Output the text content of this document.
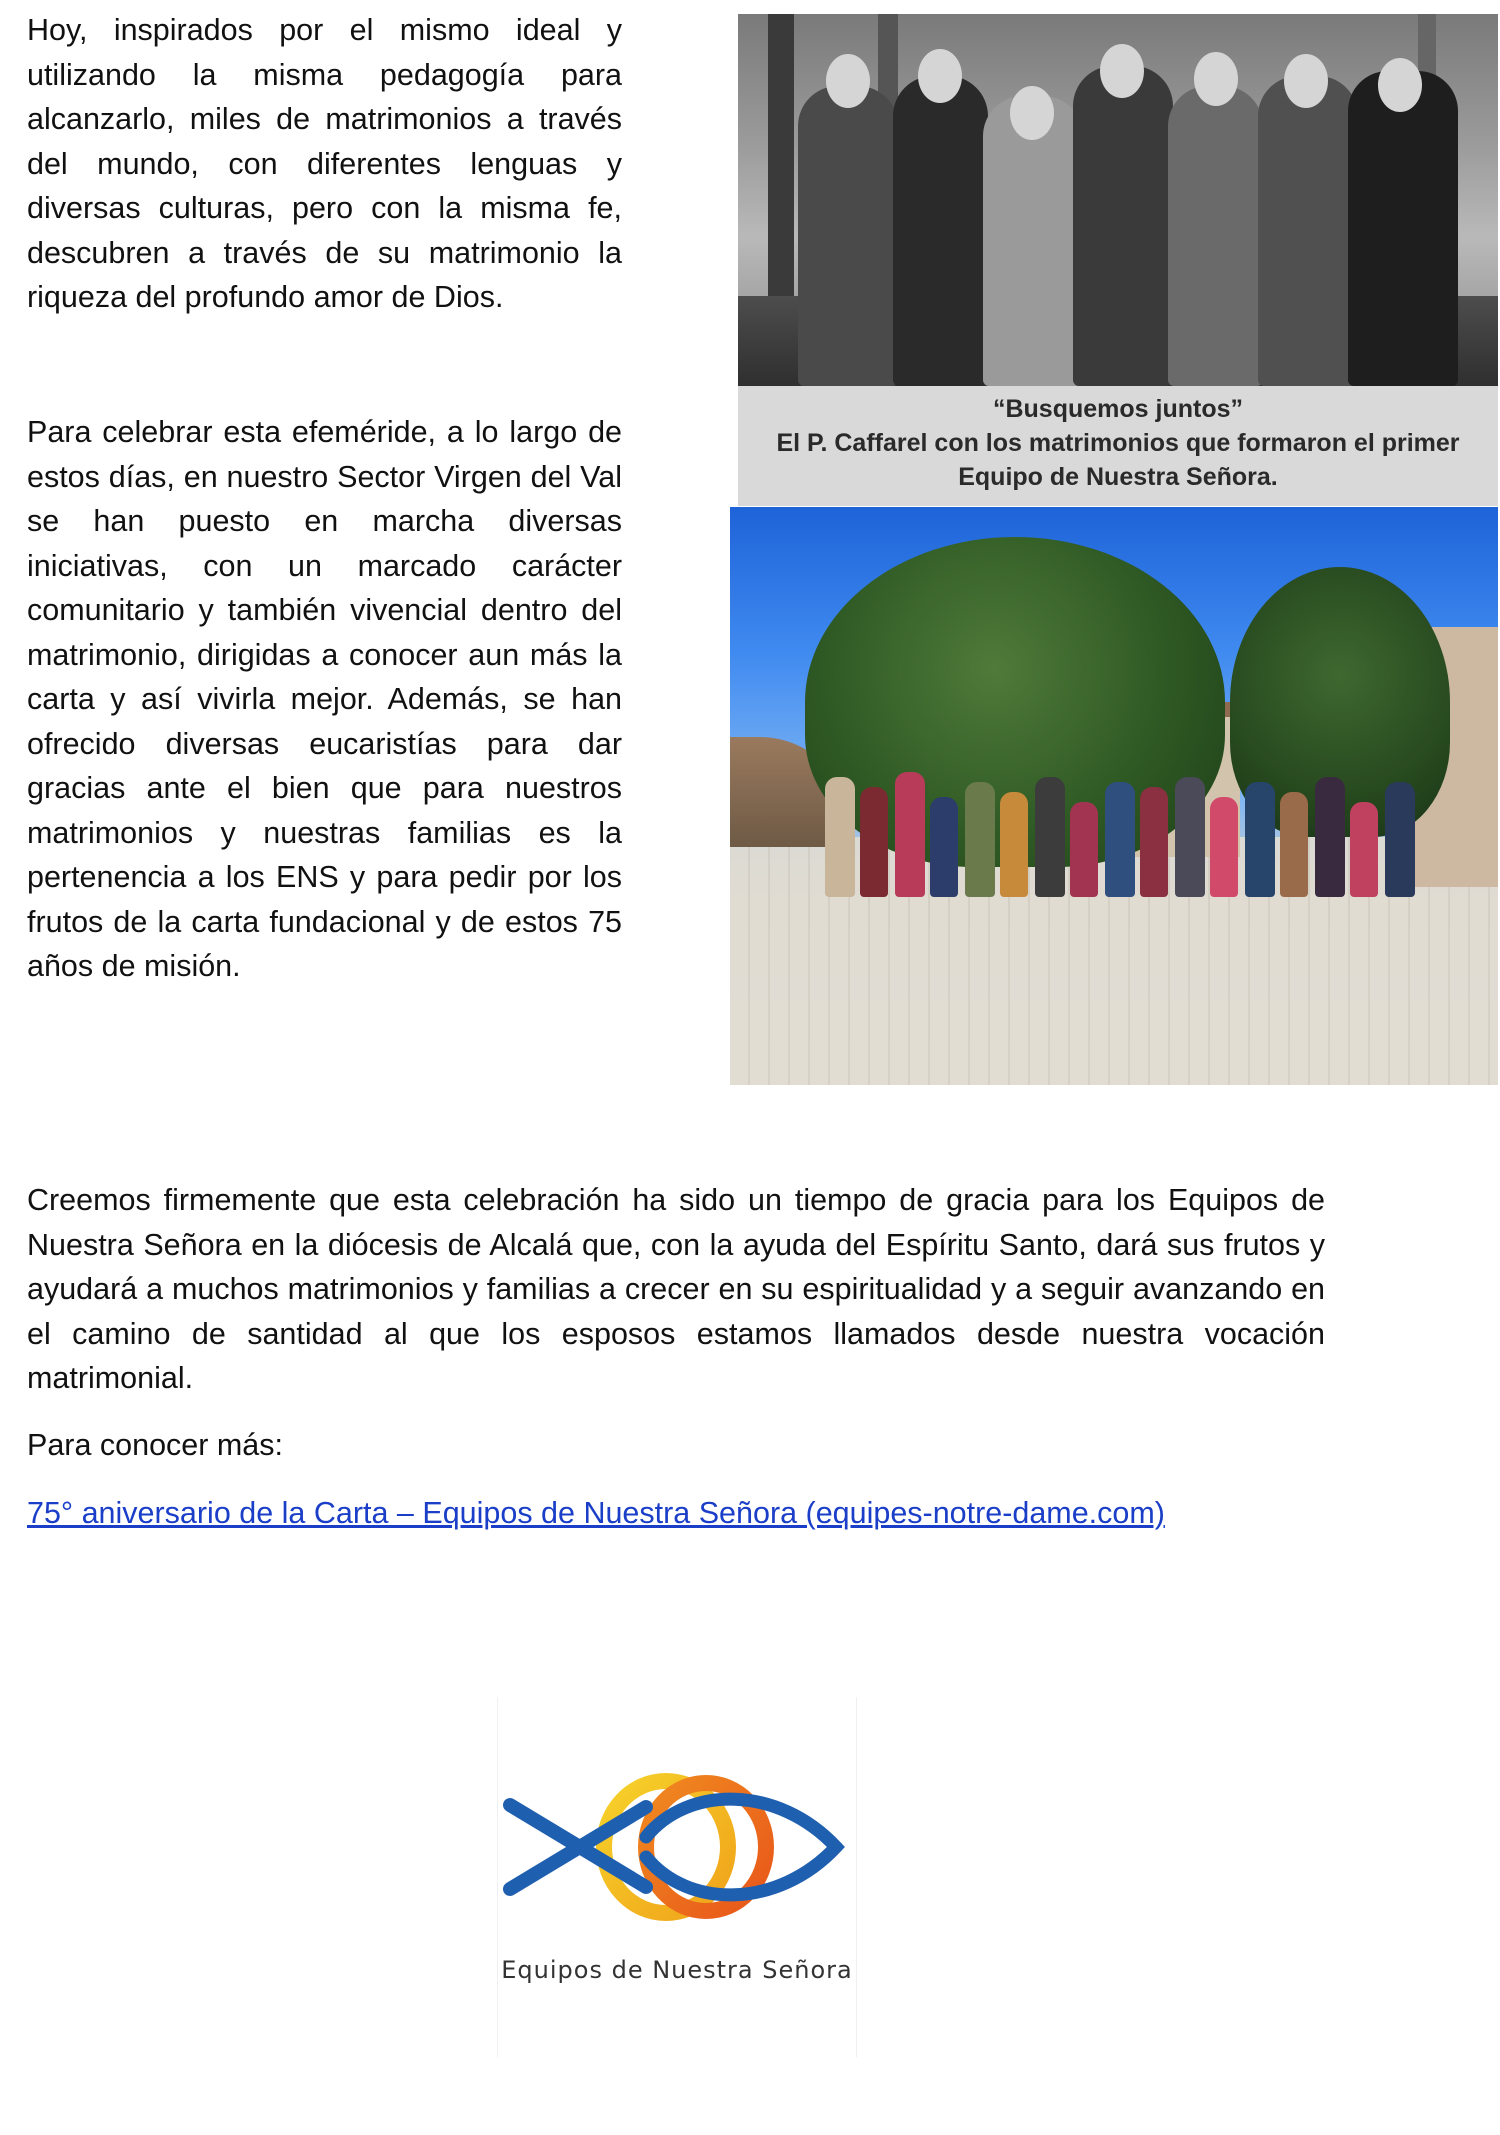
Hoy, inspirados por el mismo ideal y utilizando la misma pedagogía para alcanzarlo, miles de matrimonios a través del mundo, con diferentes lenguas y diversas culturas, pero con la misma fe, descubren a través de su matrimonio la riqueza del profundo amor de Dios.

Para celebrar esta efeméride, a lo largo de estos días, en nuestro Sector Virgen del Val se han puesto en marcha diversas iniciativas, con un marcado carácter comunitario y también vivencial dentro del matrimonio, dirigidas a conocer aun más la carta y así vivirla mejor. Además, se han ofrecido diversas eucaristías para dar gracias ante el bien que para nuestros matrimonios y nuestras familias es la pertenencia a los ENS y para pedir por los frutos de la carta fundacional y de estos 75 años de misión.

“Busquemos juntos”
El P. Caffarel con los matrimonios que formaron el primer
Equipo de Nuestra Señora.

Creemos firmemente que esta celebración ha sido un tiempo de gracia para los Equipos de Nuestra Señora en la diócesis de Alcalá que, con la ayuda del Espíritu Santo, dará sus frutos y ayudará a muchos matrimonios y familias a crecer en su espiritualidad y a seguir avanzando en el camino de santidad al que los esposos estamos llamados desde nuestra vocación matrimonial.

Para conocer más:
75° aniversario de la Carta – Equipos de Nuestra Señora (equipes-notre-dame.com)
Equipos de Nuestra Señora
